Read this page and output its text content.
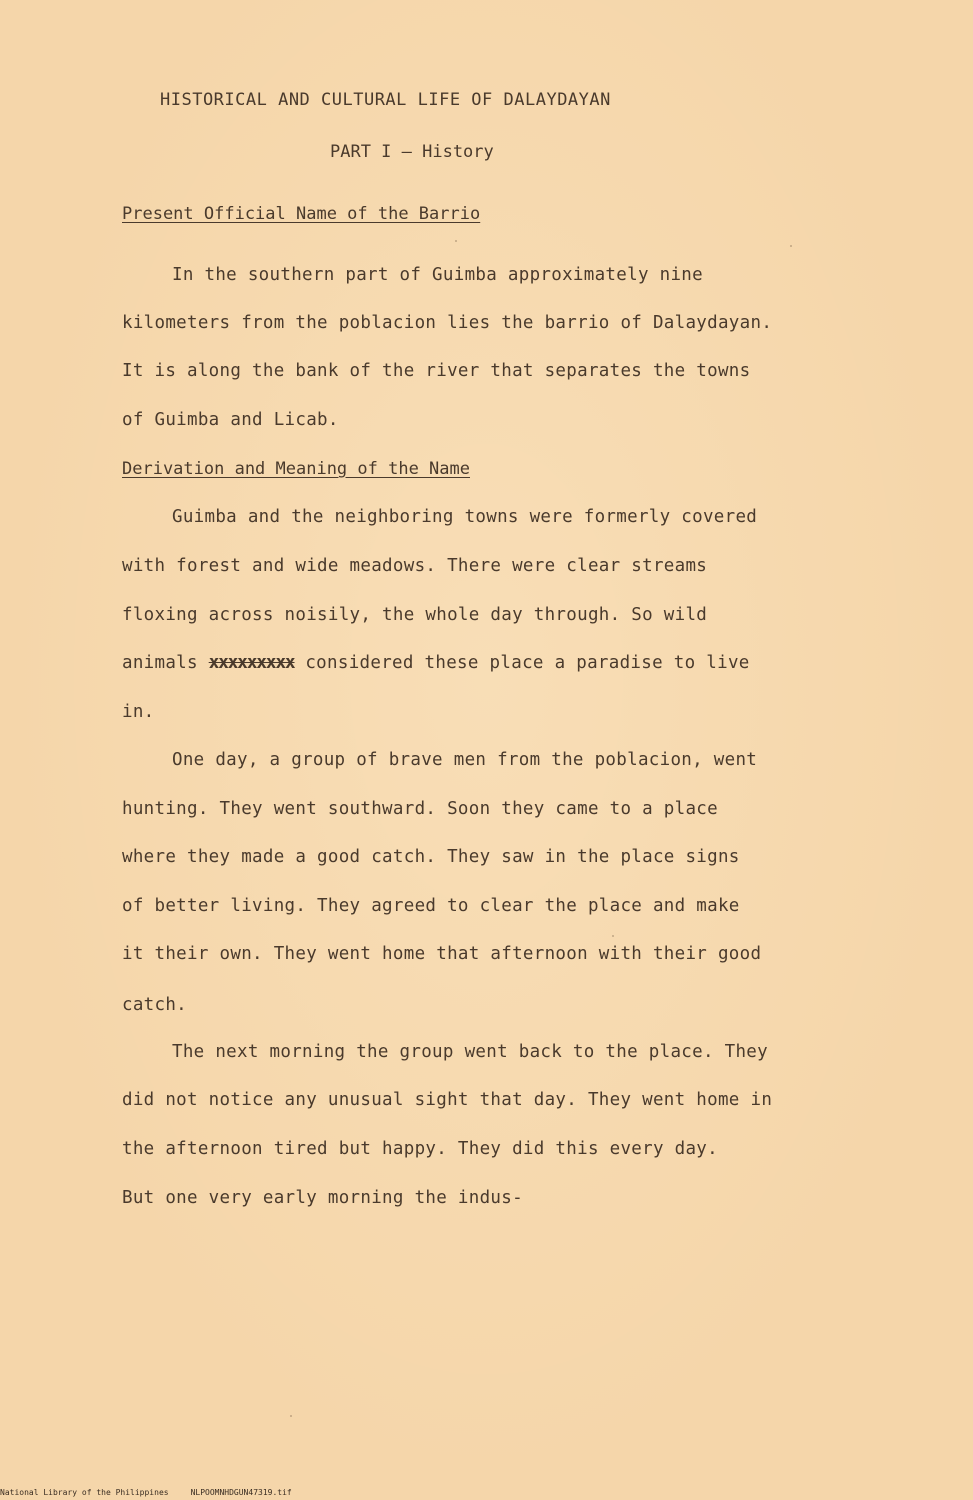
HISTORICAL AND CULTURAL LIFE OF DALAYDAYAN
PART I — History
Present Official Name of the Barrio
In the southern part of Guimba approximately nine
kilometers from the poblacion lies the barrio of Dalaydayan.
It is along the bank of the river that separates the towns
of Guimba and Licab.
Derivation and Meaning of the Name
Guimba and the neighboring towns were formerly covered
with forest and wide meadows. There were clear streams
floxing across noisily, the whole day through. So wild
animals xxxxxxxxx considered these place a paradise to live
in.
One day, a group of brave men from the poblacion, went
hunting. They went southward. Soon they came to a place
where they made a good catch. They saw in the place signs
of better living. They agreed to clear the place and make
it their own. They went home that afternoon with their good
catch.
The next morning the group went back to the place. They
did not notice any unusual sight that day. They went home in
the afternoon tired but happy. They did this every day.
But one very early morning the indus-
National Library of the Philippines	NLPOOMNHDGUN47319.tif
